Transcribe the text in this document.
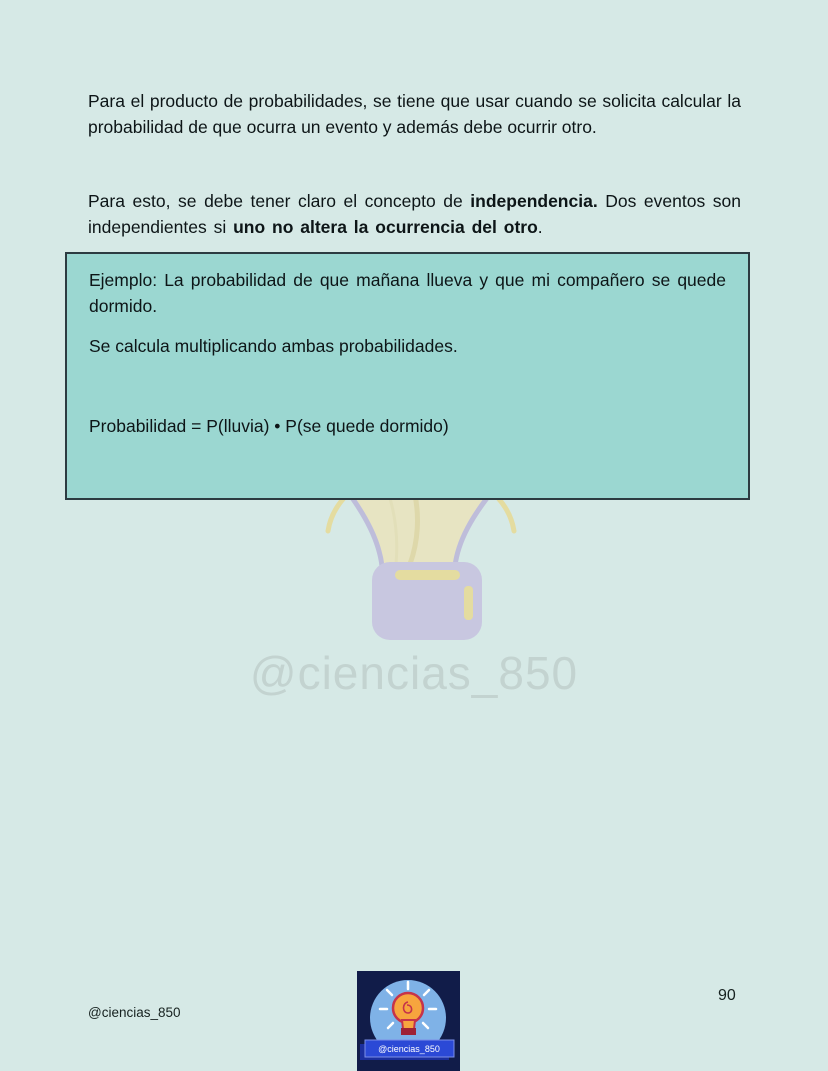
Para el producto de probabilidades, se tiene que usar cuando se solicita calcular la probabilidad de que ocurra un evento y además debe ocurrir otro.

Para esto, se debe tener claro el concepto de independencia. Dos eventos son independientes si uno no altera la ocurrencia del otro.

Ejemplo: La probabilidad de que mañana llueva y que mi compañero se quede dormido.

Se calcula multiplicando ambas probabilidades.

Probabilidad = P(lluvia) • P(se quede dormido)

@ciencias_850
@ciencias_850
@ciencias_850
90
